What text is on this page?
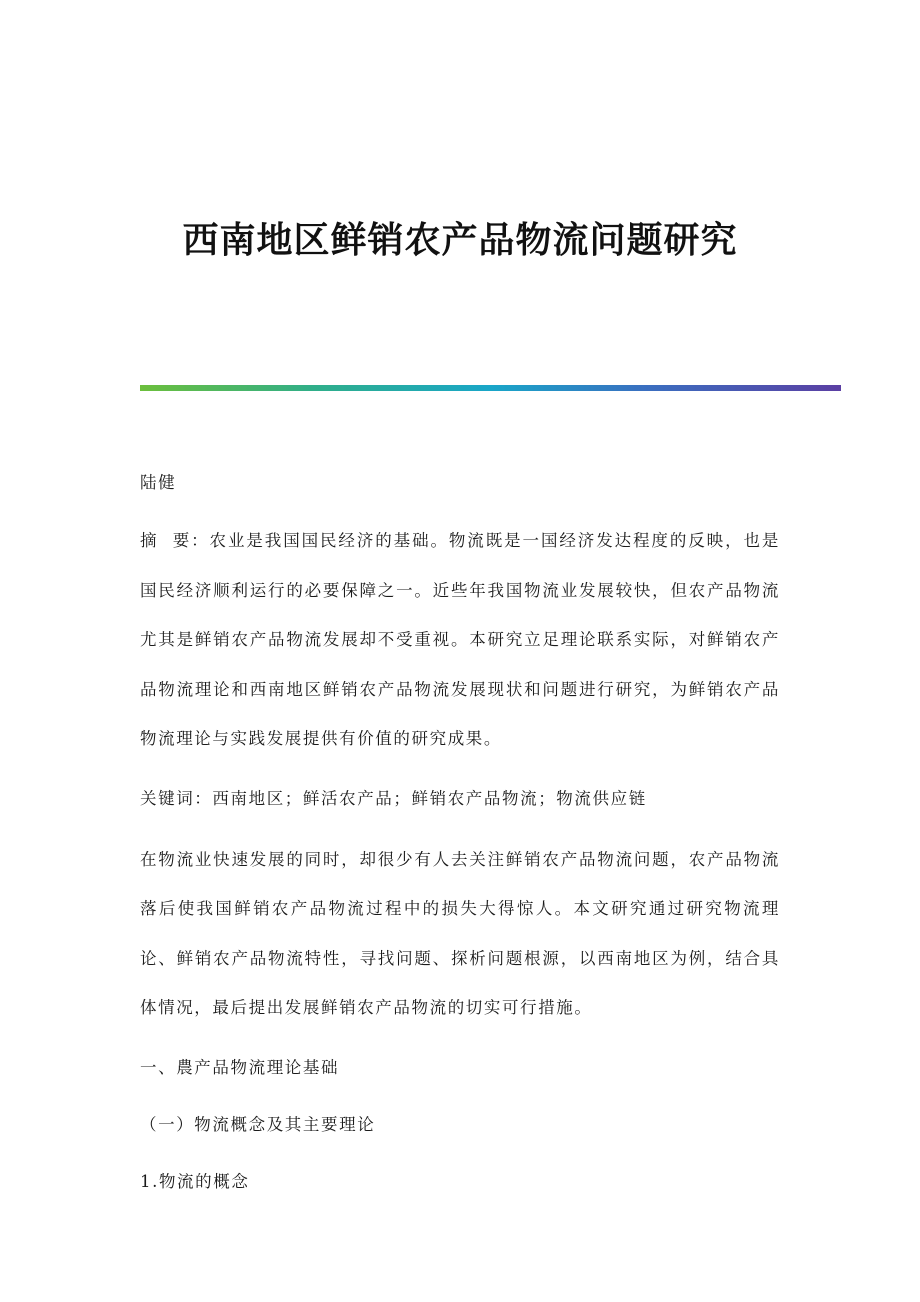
西南地区鲜销农产品物流问题研究
陆健
摘  要：农业是我国国民经济的基础。物流既是一国经济发达程度的反映，也是国民经济顺利运行的必要保障之一。近些年我国物流业发展较快，但农产品物流尤其是鲜销农产品物流发展却不受重视。本研究立足理论联系实际，对鲜销农产品物流理论和西南地区鲜销农产品物流发展现状和问题进行研究，为鲜销农产品物流理论与实践发展提供有价值的研究成果。
关键词：西南地区；鲜活农产品；鲜销农产品物流；物流供应链
在物流业快速发展的同时，却很少有人去关注鲜销农产品物流问题，农产品物流落后使我国鲜销农产品物流过程中的损失大得惊人。本文研究通过研究物流理论、鲜销农产品物流特性，寻找问题、探析问题根源，以西南地区为例，结合具体情况，最后提出发展鲜销农产品物流的切实可行措施。
一、農产品物流理论基础
（一）物流概念及其主要理论
1.物流的概念
